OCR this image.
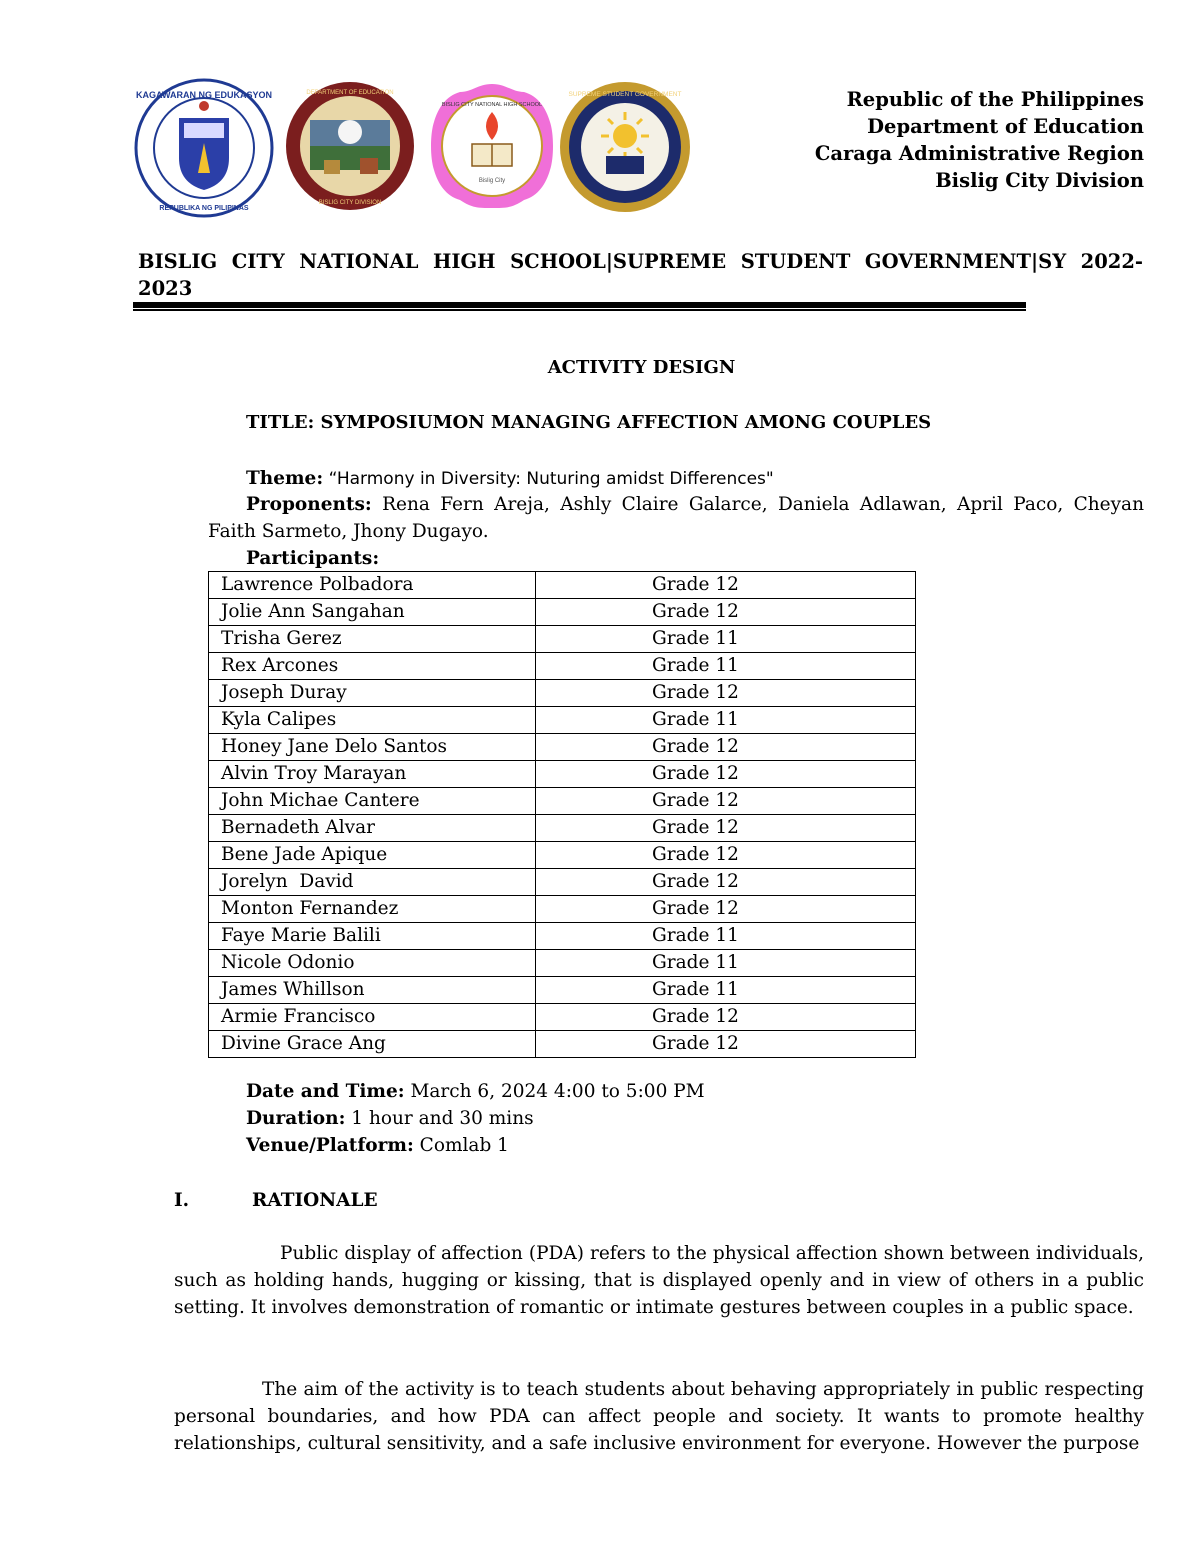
KAGAWARAN NG EDUKASYON
REPUBLIKA NG PILIPINAS
DEPARTMENT OF EDUCATION
BISLIG CITY DIVISION
Bislig City
BISLIG CITY NATIONAL HIGH SCHOOL
SUPREME STUDENT GOVERNMENT	Republic of the Philippines
Department of Education
Caraga Administrative Region
Bislig City Division
BISLIG CITY NATIONAL HIGH SCHOOL|SUPREME STUDENT GOVERNMENT|SY 2022-
2023
ACTIVITY DESIGN
TITLE: SYMPOSIUMON MANAGING AFFECTION AMONG COUPLES
Theme: “Harmony in Diversity: Nuturing amidst Differences"
Proponents: Rena Fern Areja, Ashly Claire Galarce, Daniela Adlawan, April Paco, Cheyan
Faith Sarmeto, Jhony Dugayo.
Participants:
Lawrence Polbadora	Grade 12
Jolie Ann Sangahan	Grade 12
Trisha Gerez	Grade 11
Rex Arcones	Grade 11
Joseph Duray	Grade 12
Kyla Calipes	Grade 11
Honey Jane Delo Santos	Grade 12
Alvin Troy Marayan	Grade 12
John Michae Cantere	Grade 12
Bernadeth Alvar	Grade 12
Bene Jade Apique	Grade 12
Jorelyn  David	Grade 12
Monton Fernandez	Grade 12
Faye Marie Balili	Grade 11
Nicole Odonio	Grade 11
James Whillson	Grade 11
Armie Francisco	Grade 12
Divine Grace Ang	Grade 12
Date and Time: March 6, 2024 4:00 to 5:00 PM
Duration: 1 hour and 30 mins
Venue/Platform: Comlab 1
I.	RATIONALE
Public display of affection (PDA) refers to the physical affection shown between individuals, such as holding hands, hugging or kissing, that is displayed openly and in view of others in a public setting. It involves demonstration of romantic or intimate gestures between couples in a public space.
The aim of the activity is to teach students about behaving appropriately in public respecting personal boundaries, and how PDA can affect people and society. It wants to promote healthy relationships, cultural sensitivity, and a safe inclusive environment for everyone. However the purpose
